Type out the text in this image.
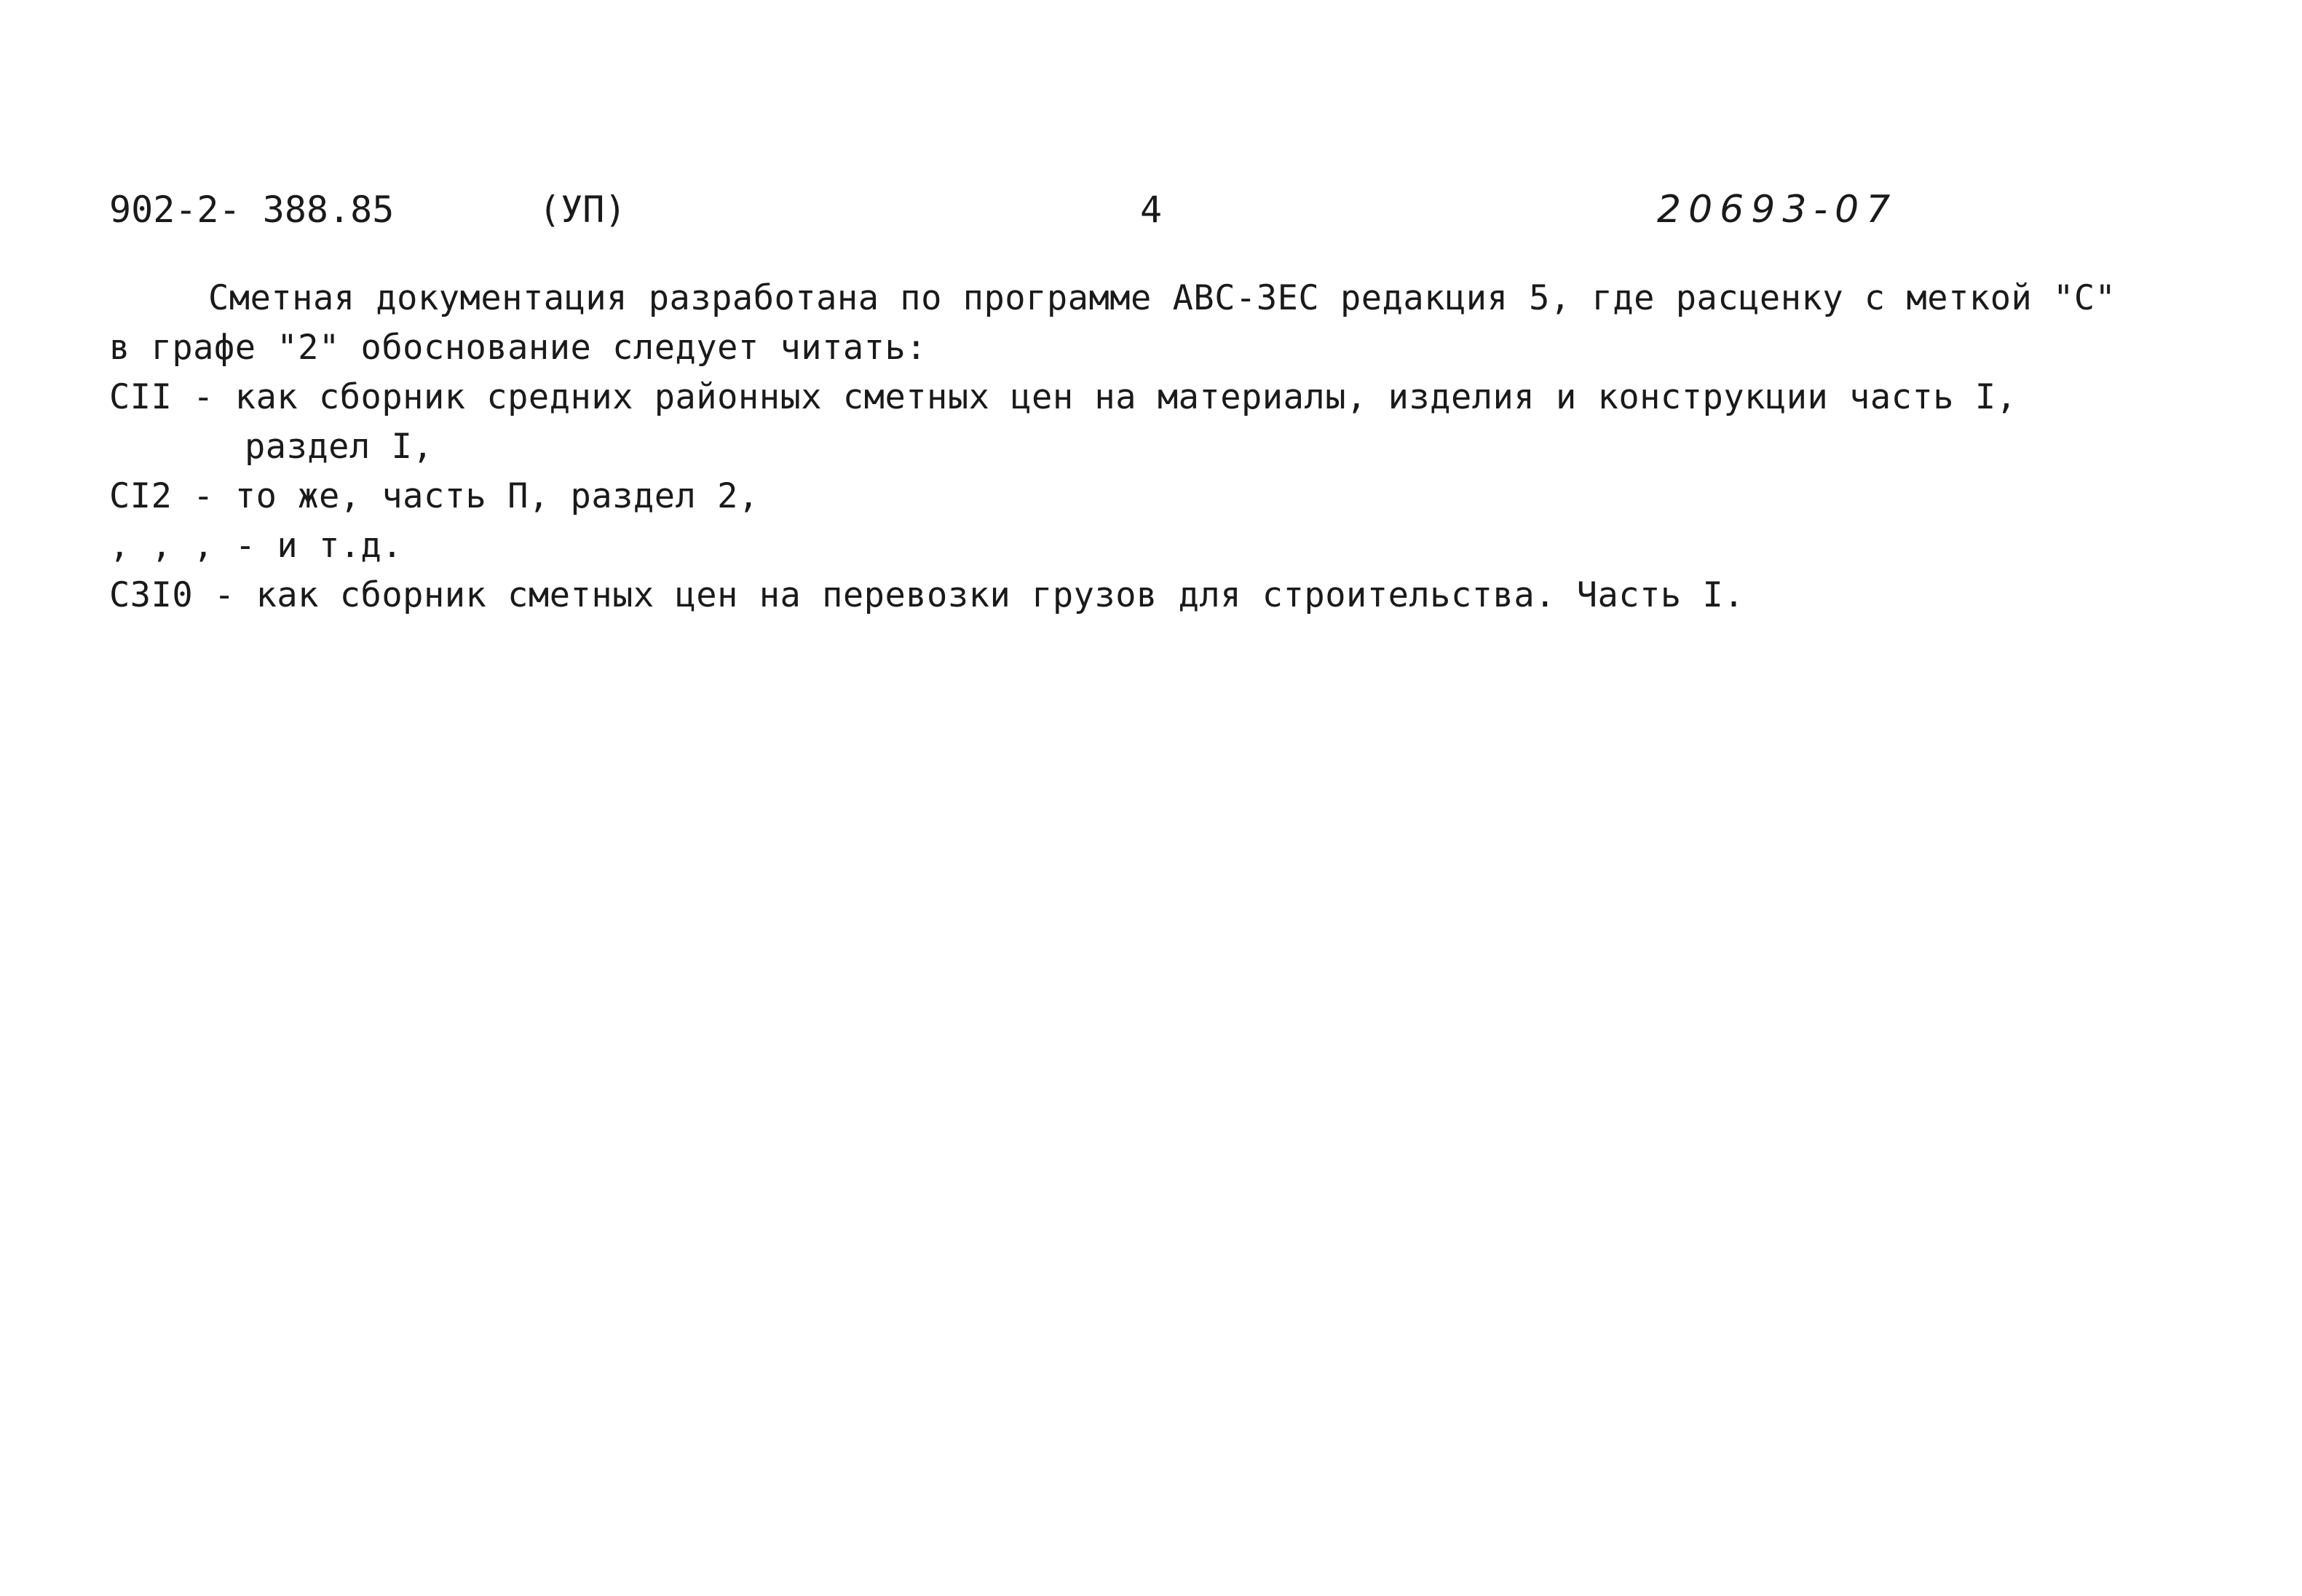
902-2- 388.85	(УП)	4	20693-07
Сметная документация разработана по программе АВС-ЗЕС редакция 5, где расценку с меткой "С"
в графе "2" обоснование следует читать:
СII - как сборник средних районных сметных цен на материалы, изделия и конструкции часть I,
раздел I,
СI2 - то же, часть П, раздел 2,
, , , - и т.д.
С3I0 - как сборник сметных цен на перевозки грузов для строительства. Часть I.
